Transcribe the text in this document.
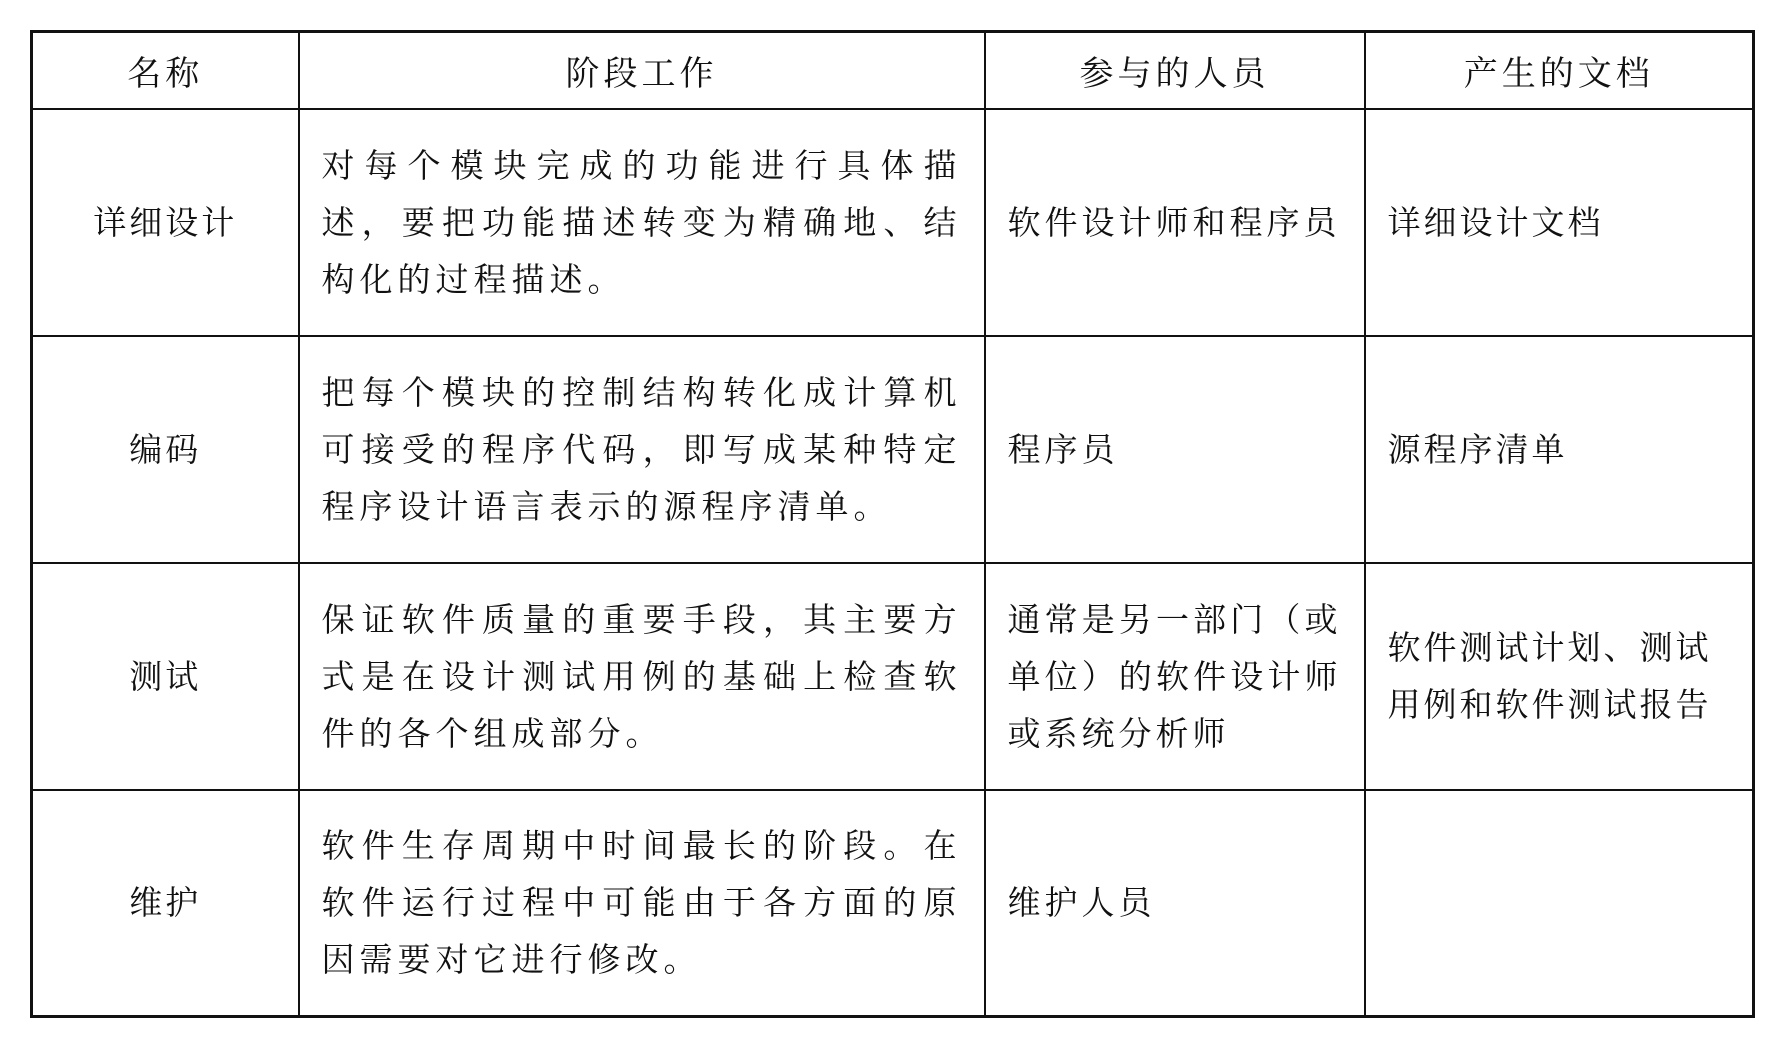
名称	阶段工作	参与的人员	产生的文档
详细设计	对每个模块完成的功能进行具体描述，要把功能描述转变为精确地、结构化的过程描述。	软件设计师和程序员	详细设计文档
编码	把每个模块的控制结构转化成计算机可接受的程序代码，即写成某种特定程序设计语言表示的源程序清单。	程序员	源程序清单
测试	保证软件质量的重要手段，其主要方式是在设计测试用例的基础上检查软件的各个组成部分。	通常是另一部门（或单位）的软件设计师或系统分析师	软件测试计划、测试用例和软件测试报告
维护	软件生存周期中时间最长的阶段。在软件运行过程中可能由于各方面的原因需要对它进行修改。	维护人员	
